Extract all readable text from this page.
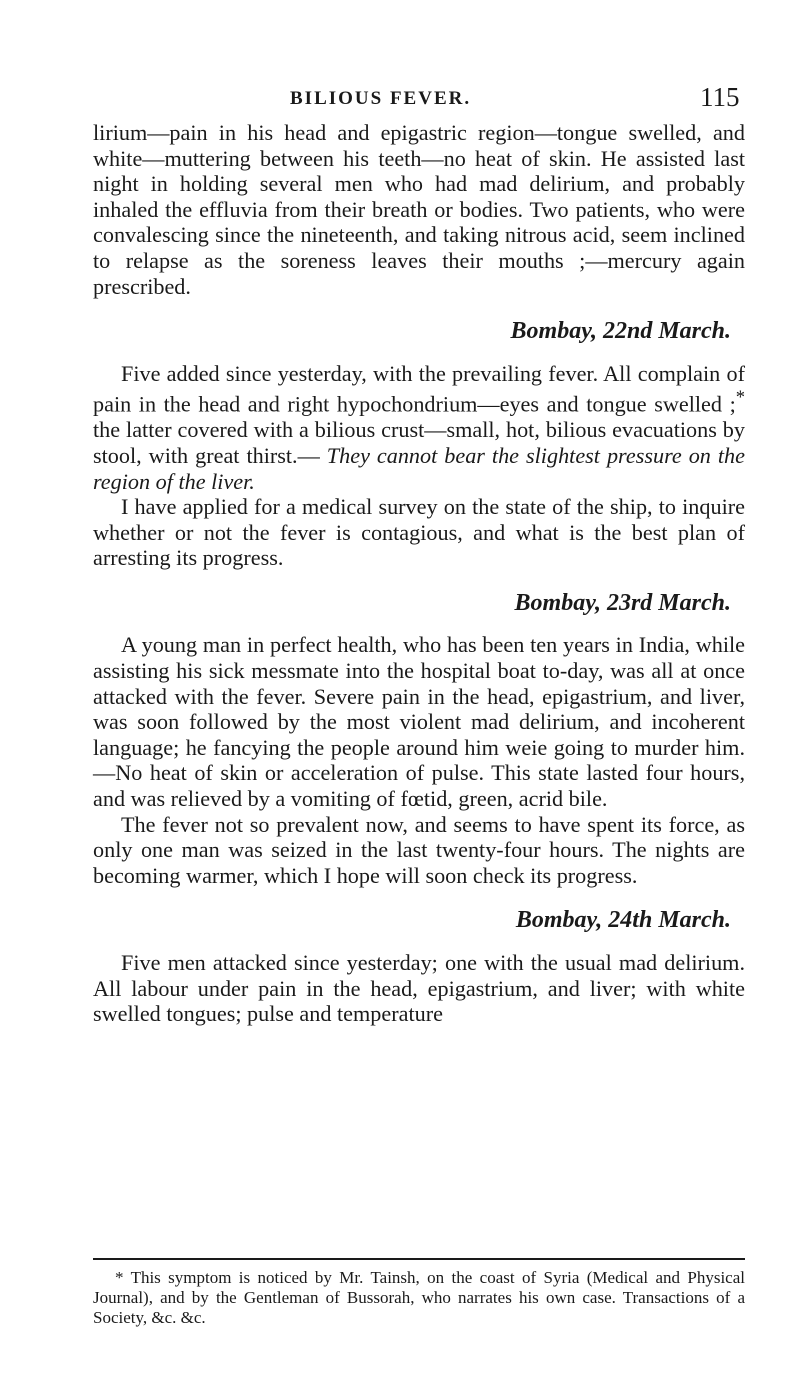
BILIOUS FEVER.	115

lirium—pain in his head and epigastric region—tongue swelled, and white—muttering between his teeth—no heat of skin. He assisted last night in holding several men who had mad delirium, and probably inhaled the effluvia from their breath or bodies. Two patients, who were convalescing since the nineteenth, and taking nitrous acid, seem inclined to relapse as the soreness leaves their mouths ;—mercury again prescribed.

Bombay, 22nd March.

Five added since yesterday, with the prevailing fever. All complain of pain in the head and right hypochondrium—eyes and tongue swelled ;* the latter covered with a bilious crust—small, hot, bilious evacuations by stool, with great thirst.— They cannot bear the slightest pressure on the region of the liver.

I have applied for a medical survey on the state of the ship, to inquire whether or not the fever is contagious, and what is the best plan of arresting its progress.

Bombay, 23rd March.

A young man in perfect health, who has been ten years in India, while assisting his sick messmate into the hospital boat to-day, was all at once attacked with the fever. Severe pain in the head, epigastrium, and liver, was soon followed by the most violent mad delirium, and incoherent language; he fancying the people around him weie going to murder him.—No heat of skin or acceleration of pulse. This state lasted four hours, and was relieved by a vomiting of fœtid, green, acrid bile.

The fever not so prevalent now, and seems to have spent its force, as only one man was seized in the last twenty-four hours. The nights are becoming warmer, which I hope will soon check its progress.

Bombay, 24th March.

Five men attacked since yesterday; one with the usual mad delirium. All labour under pain in the head, epigastrium, and liver; with white swelled tongues; pulse and temperature

* This symptom is noticed by Mr. Tainsh, on the coast of Syria (Medical and Physical Journal), and by the Gentleman of Bussorah, who narrates his own case. Transactions of a Society, &c. &c.
